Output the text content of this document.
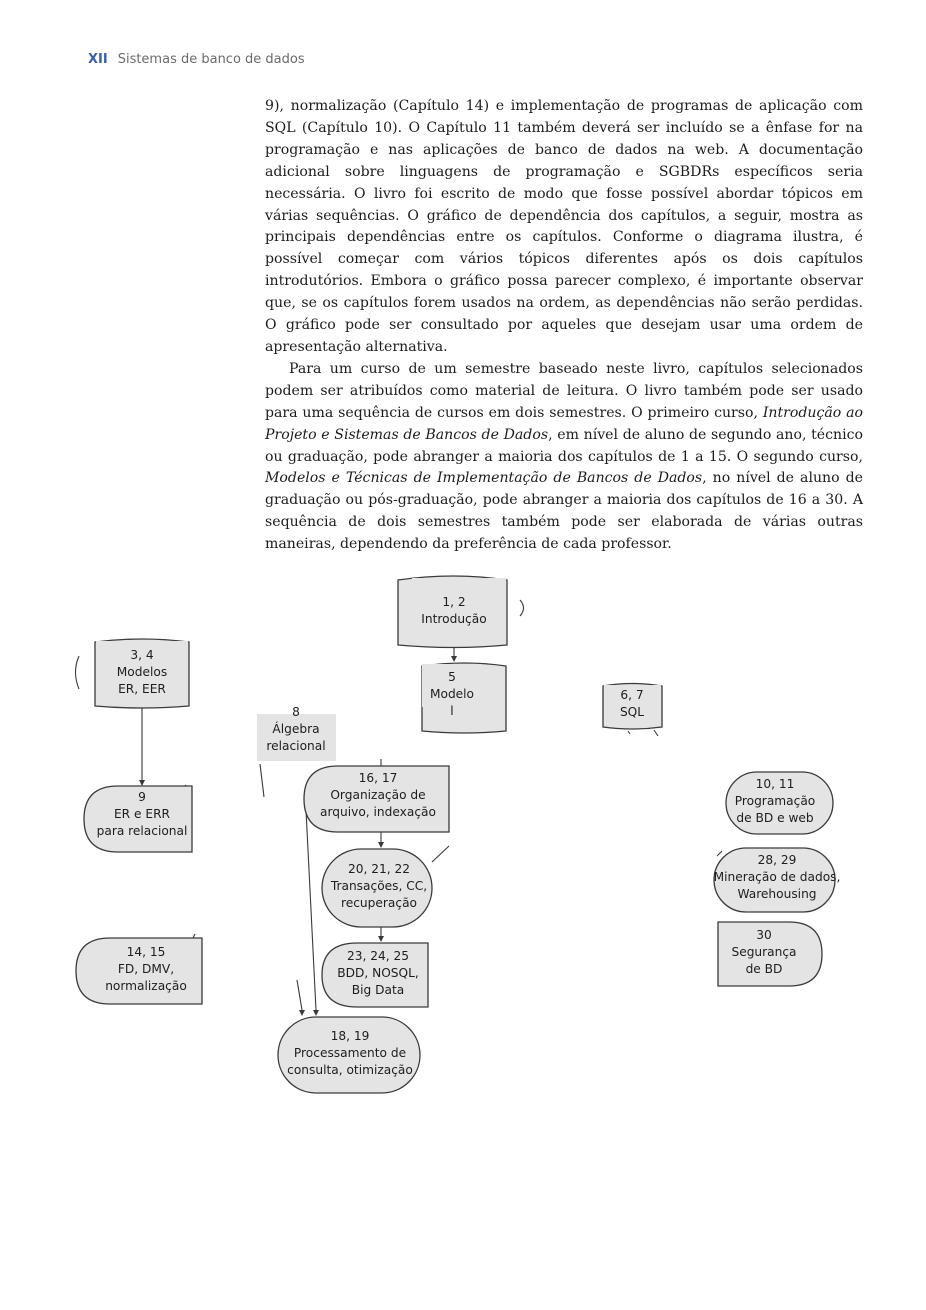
XII Sistemas de banco de dados

9), normalização (Capítulo 14) e implementação de programas de aplicação com SQL (Capítulo 10). O Capítulo 11 também deverá ser incluído se a ênfase for na programação e nas aplicações de banco de dados na web. A documentação adicional sobre linguagens de programação e SGBDRs específicos seria necessária. O livro foi escrito de modo que fosse possível abordar tópicos em várias sequências. O gráfico de dependência dos capítulos, a seguir, mostra as principais dependências entre os capítulos. Conforme o diagrama ilustra, é possível começar com vários tópicos diferentes após os dois capítulos introdutórios. Embora o gráfico possa parecer complexo, é importante observar que, se os capítulos forem usados na ordem, as dependências não serão perdidas. O gráfico pode ser consultado por aqueles que desejam usar uma ordem de apresentação alternativa.

Para um curso de um semestre baseado neste livro, capítulos selecionados podem ser atribuídos como material de leitura. O livro também pode ser usado para uma sequência de cursos em dois semestres. O primeiro curso, Introdução ao Projeto e Sistemas de Bancos de Dados, em nível de aluno de segundo ano, técnico ou graduação, pode abranger a maioria dos capítulos de 1 a 15. O segundo curso, Modelos e Técnicas de Implementação de Bancos de Dados, no nível de aluno de graduação ou pós-graduação, pode abranger a maioria dos capítulos de 16 a 30. A sequência de dois semestres também pode ser elaborada de várias outras maneiras, dependendo da preferência de cada professor.

1, 2 Introdução
3, 4 Modelos ER, EER
5 Modelo l
6, 7 SQL
8 Álgebra relacional
9 ER e ERR para relacional
16, 17 Organização de arquivo, indexação
10, 11 Programação de BD e web
20, 21, 22 Transações, CC, recuperação
28, 29 Mineração de dados, Warehousing
14, 15 FD, DMV, normalização
23, 24, 25 BDD, NOSQL, Big Data
30 Segurança de BD
18, 19 Processamento de consulta, otimização
